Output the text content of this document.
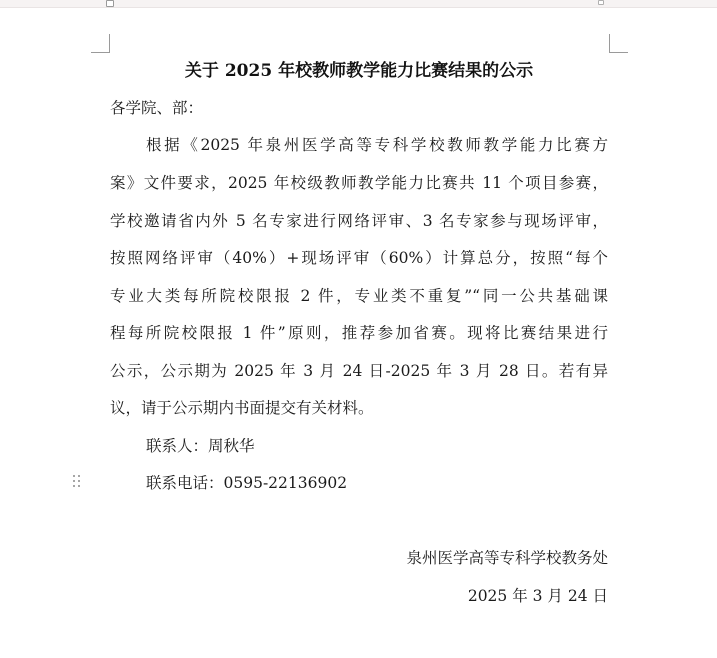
关于 2025 年校教师教学能力比赛结果的公示
各学院、部：
根据《2025 年泉州医学高等专科学校教师教学能力比赛方
案》文件要求，2025 年校级教师教学能力比赛共 11 个项目参赛，
学校邀请省内外 5 名专家进行网络评审、3 名专家参与现场评审，
按照网络评审（40%）+现场评审（60%）计算总分，按照“每个
专业大类每所院校限报 2 件，专业类不重复”“同一公共基础课
程每所院校限报 1 件”原则，推荐参加省赛。现将比赛结果进行
公示，公示期为 2025 年 3 月 24 日-2025 年 3 月 28 日。若有异
议，请于公示期内书面提交有关材料。
联系人：周秋华
联系电话：0595-22136902
泉州医学高等专科学校教务处
2025 年 3 月 24 日
